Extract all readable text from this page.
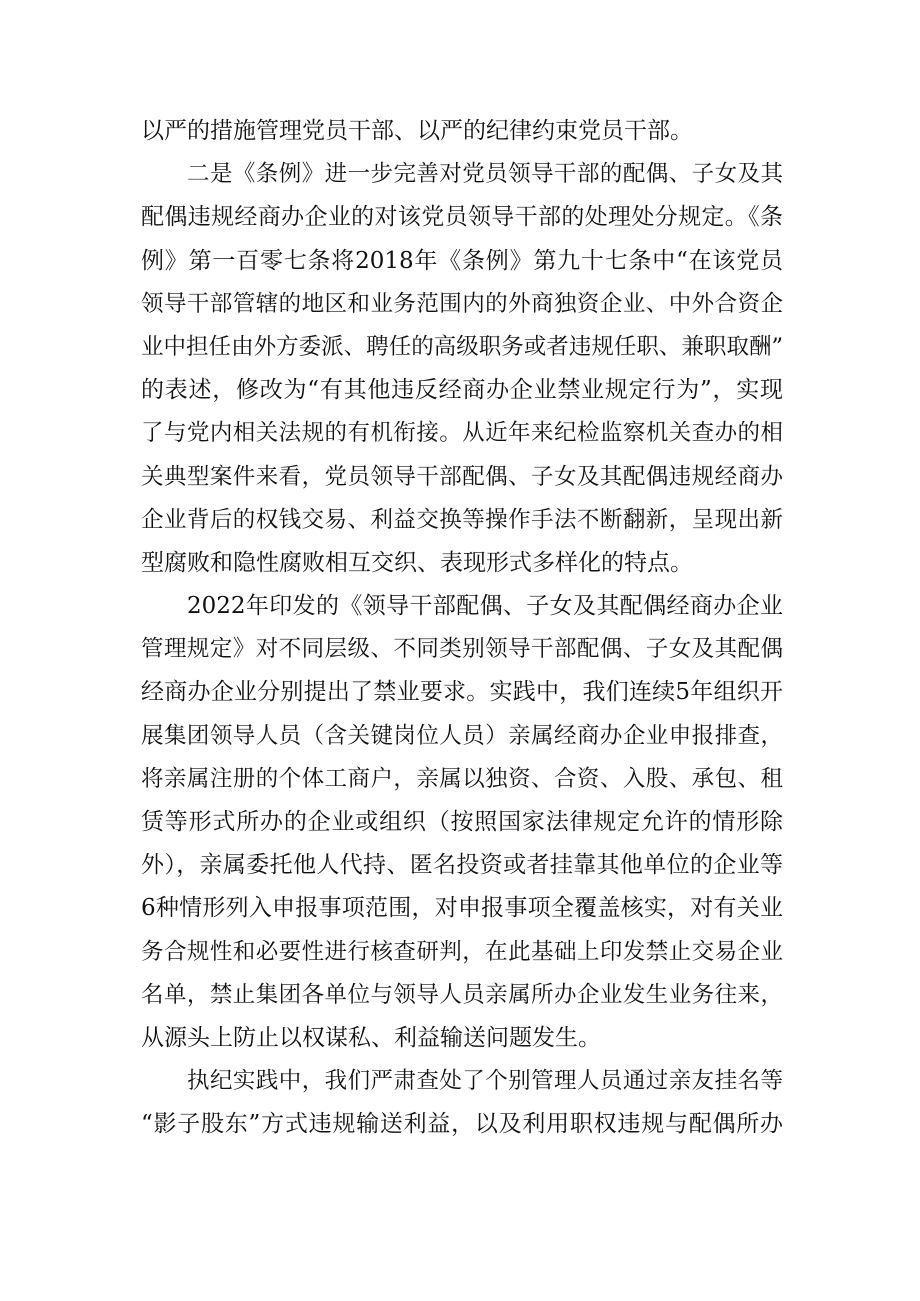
以严的措施管理党员干部、以严的纪律约束党员干部。
二是《条例》进一步完善对党员领导干部的配偶、子女及其
配偶违规经商办企业的对该党员领导干部的处理处分规定。《条
例》第一百零七条将2018年《条例》第九十七条中“在该党员
领导干部管辖的地区和业务范围内的外商独资企业、中外合资企
业中担任由外方委派、聘任的高级职务或者违规任职、兼职取酬”
的表述，修改为“有其他违反经商办企业禁业规定行为”，实现
了与党内相关法规的有机衔接。从近年来纪检监察机关查办的相
关典型案件来看，党员领导干部配偶、子女及其配偶违规经商办
企业背后的权钱交易、利益交换等操作手法不断翻新，呈现出新
型腐败和隐性腐败相互交织、表现形式多样化的特点。
2022年印发的《领导干部配偶、子女及其配偶经商办企业
管理规定》对不同层级、不同类别领导干部配偶、子女及其配偶
经商办企业分别提出了禁业要求。实践中，我们连续5年组织开
展集团领导人员（含关键岗位人员）亲属经商办企业申报排查，
将亲属注册的个体工商户，亲属以独资、合资、入股、承包、租
赁等形式所办的企业或组织（按照国家法律规定允许的情形除
外），亲属委托他人代持、匿名投资或者挂靠其他单位的企业等
6种情形列入申报事项范围，对申报事项全覆盖核实，对有关业
务合规性和必要性进行核查研判，在此基础上印发禁止交易企业
名单，禁止集团各单位与领导人员亲属所办企业发生业务往来，
从源头上防止以权谋私、利益输送问题发生。
执纪实践中，我们严肃查处了个别管理人员通过亲友挂名等
“影子股东”方式违规输送利益，以及利用职权违规与配偶所办
